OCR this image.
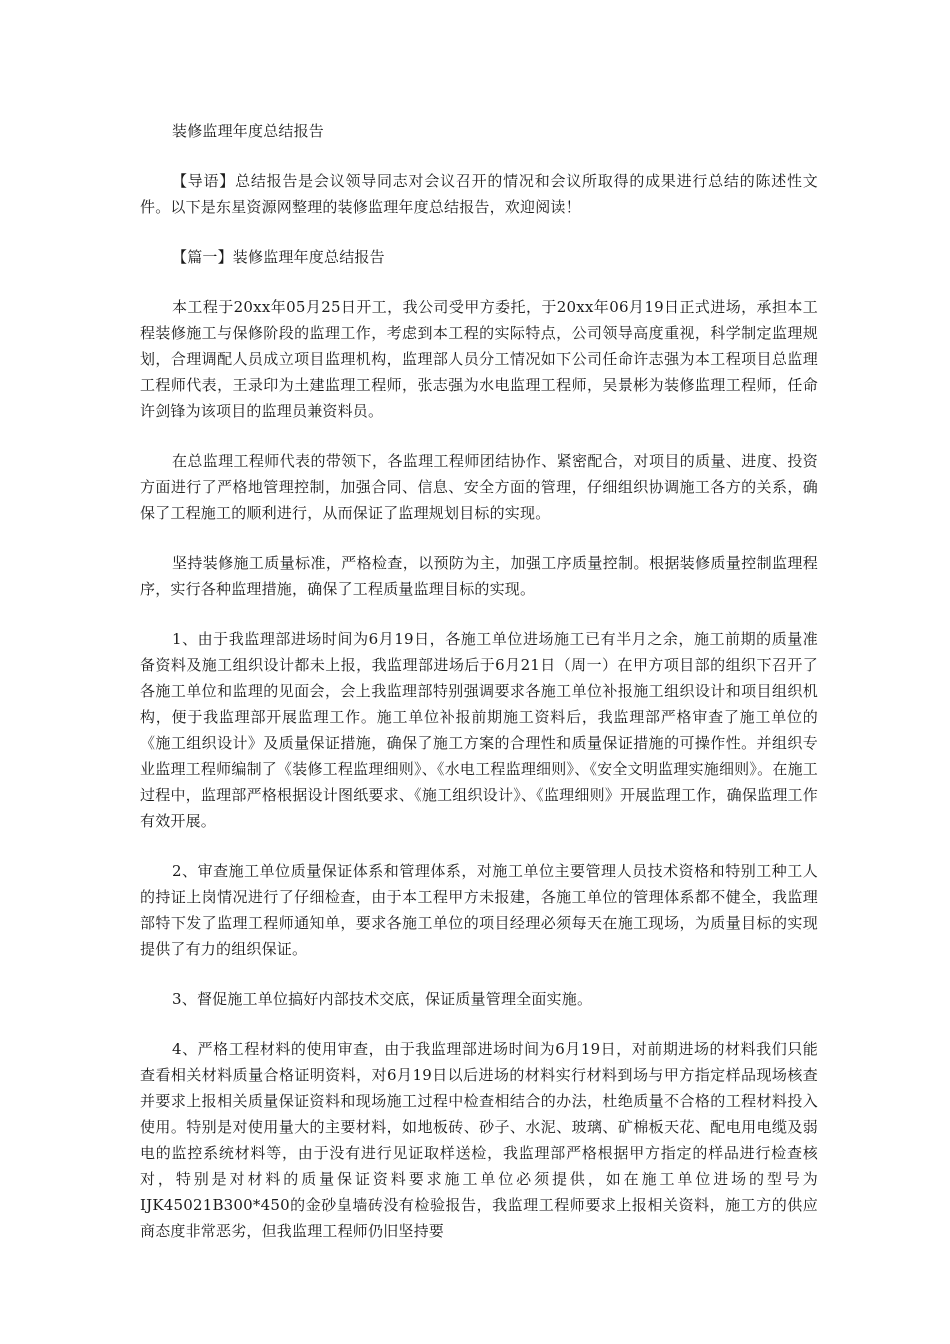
装修监理年度总结报告

【导语】总结报告是会议领导同志对会议召开的情况和会议所取得的成果进行总结的陈述性文件。以下是东星资源网整理的装修监理年度总结报告，欢迎阅读！

【篇一】装修监理年度总结报告

本工程于20xx年05月25日开工，我公司受甲方委托，于20xx年06月19日正式进场，承担本工程装修施工与保修阶段的监理工作，考虑到本工程的实际特点，公司领导高度重视，科学制定监理规划，合理调配人员成立项目监理机构，监理部人员分工情况如下公司任命许志强为本工程项目总监理工程师代表，王录印为土建监理工程师，张志强为水电监理工程师，吴景彬为装修监理工程师，任命许剑锋为该项目的监理员兼资料员。

在总监理工程师代表的带领下，各监理工程师团结协作、紧密配合，对项目的质量、进度、投资方面进行了严格地管理控制，加强合同、信息、安全方面的管理，仔细组织协调施工各方的关系，确保了工程施工的顺利进行，从而保证了监理规划目标的实现。

坚持装修施工质量标准，严格检查，以预防为主，加强工序质量控制。根据装修质量控制监理程序，实行各种监理措施，确保了工程质量监理目标的实现。

1、由于我监理部进场时间为6月19日，各施工单位进场施工已有半月之余，施工前期的质量准备资料及施工组织设计都未上报，我监理部进场后于6月21日（周一）在甲方项目部的组织下召开了各施工单位和监理的见面会，会上我监理部特别强调要求各施工单位补报施工组织设计和项目组织机构，便于我监理部开展监理工作。施工单位补报前期施工资料后，我监理部严格审查了施工单位的《施工组织设计》及质量保证措施，确保了施工方案的合理性和质量保证措施的可操作性。并组织专业监理工程师编制了《装修工程监理细则》、《水电工程监理细则》、《安全文明监理实施细则》。在施工过程中，监理部严格根据设计图纸要求、《施工组织设计》、《监理细则》开展监理工作，确保监理工作有效开展。

2、审查施工单位质量保证体系和管理体系，对施工单位主要管理人员技术资格和特别工种工人的持证上岗情况进行了仔细检查，由于本工程甲方未报建，各施工单位的管理体系都不健全，我监理部特下发了监理工程师通知单，要求各施工单位的项目经理必须每天在施工现场，为质量目标的实现提供了有力的组织保证。

3、督促施工单位搞好内部技术交底，保证质量管理全面实施。

4、严格工程材料的使用审查，由于我监理部进场时间为6月19日，对前期进场的材料我们只能查看相关材料质量合格证明资料，对6月19日以后进场的材料实行材料到场与甲方指定样品现场核查并要求上报相关质量保证资料和现场施工过程中检查相结合的办法，杜绝质量不合格的工程材料投入使用。特别是对使用量大的主要材料，如地板砖、砂子、水泥、玻璃、矿棉板天花、配电用电缆及弱电的监控系统材料等，由于没有进行见证取样送检，我监理部严格根据甲方指定的样品进行检查核对，特别是对材料的质量保证资料要求施工单位必须提供，如在施工单位进场的型号为IJK45021B300*450的金砂皇墙砖没有检验报告，我监理工程师要求上报相关资料，施工方的供应商态度非常恶劣，但我监理工程师仍旧坚持要
